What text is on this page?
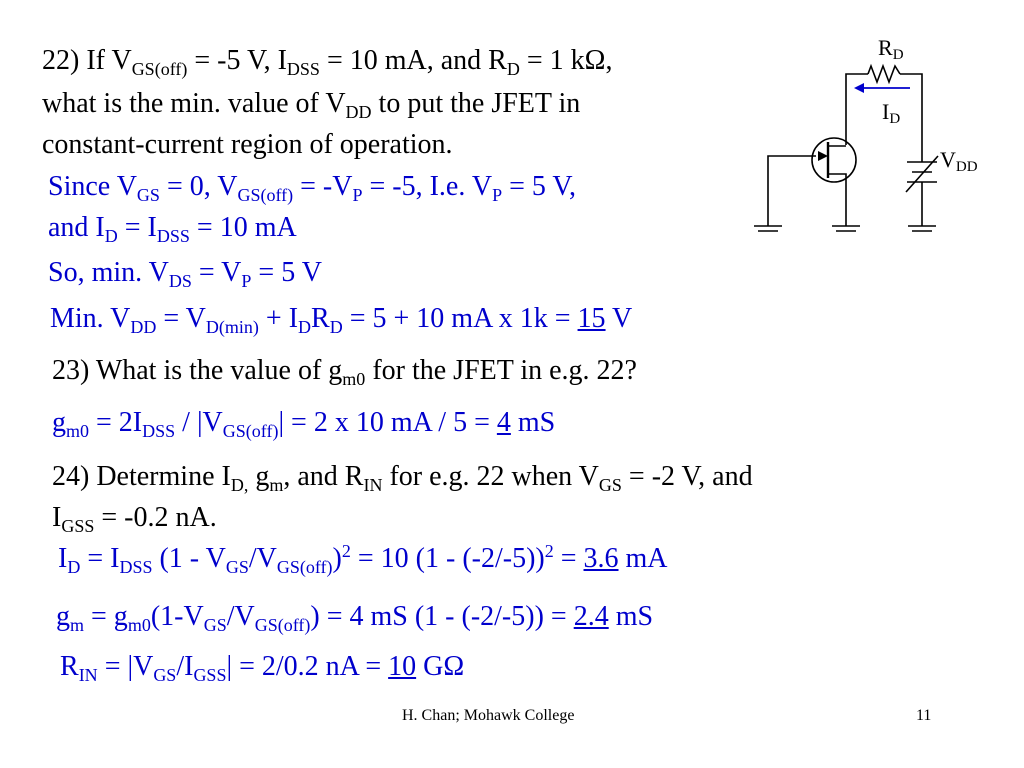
22) If $V_{GS(off)} = -5$ V, $I_{DSS} = 10$ mA, and $R_D = 1$ kΩ,
what is the min. value of $V_{DD}$ to put the JFET in
constant-current region of operation.
Since $V_{GS} = 0$, $V_{GS(off)} = -V_P = -5$, I.e. $V_P = 5$ V,
and $I_D = I_{DSS} = 10$ mA
So, min. $V_{DS} = V_P = 5$ V
Min. $V_{DD} = V_{D(min)} + I_DR_D = 5 + 10$ mA x 1k = 15 V
23) What is the value of $g_{m0}$ for the JFET in e.g. 22?
$g_{m0} = 2I_{DSS} / |V_{GS(off)}| = 2$ x 10 mA / 5 = 4 mS
24) Determine $I_{D,}$ $g_m$, and $R_{IN}$ for e.g. 22 when $V_{GS} = -2$ V, and
$I_{GSS} = -0.2$ nA.
$I_D = I_{DSS}$ $(1 - V_{GS}/V_{GS(off)})^2 = 10$ (1 - (-2/-5))$^2$ = 3.6 mA
$g_m = g_{m0}(1-V_{GS}/V_{GS(off)}) = 4$ mS (1 - (-2/-5)) = 2.4 mS
$R_{IN} = |V_{GS}/I_{GSS}| = 2/0.2$ nA = 10 GΩ
$R_D$
$I_D$
$V_{DD}$
H. Chan; Mohawk College	11
